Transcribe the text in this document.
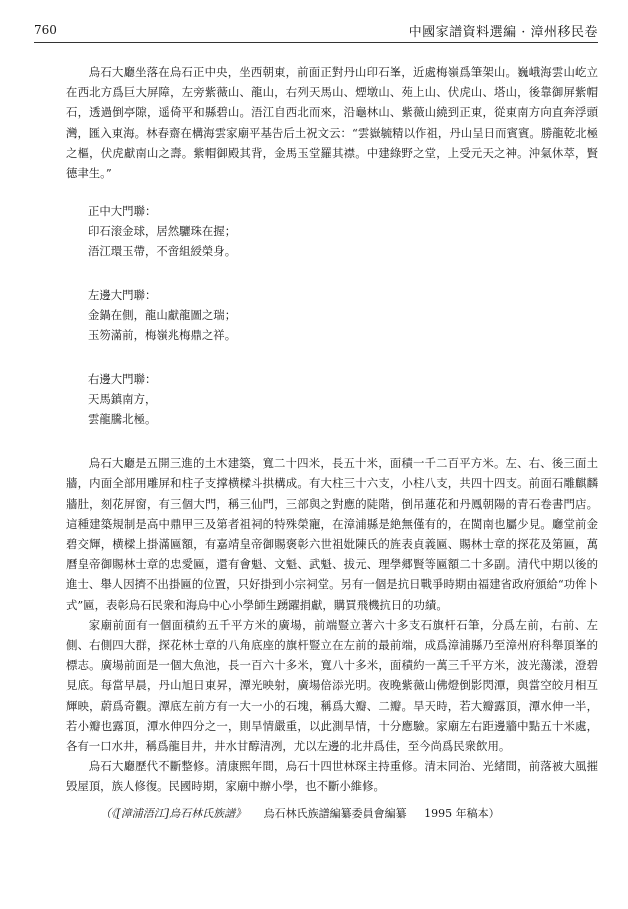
760	中國家譜資料選編 · 漳州移民卷

烏石大廳坐落在烏石正中央，坐西朝東，前面正對丹山印石峯，近處梅嶺爲筆架山。巍峨海雲山屹立在西北方爲巨大屏障，左旁紫薇山、龍山，右列天馬山、煙墩山、苑上山、伏虎山、塔山，後靠御屏紫帽石，透過倒亭隙，遥倚平和縣碧山。浯江自西北而來，沿龜林山、紫薇山繞到正東，從東南方向直奔浮頭灣，匯入東海。林春齋在構海雲家廟平基告后土祝文云：“雲嶽毓精以作祖，丹山呈日而賓賓。勝龍乾北極之樞，伏虎獻南山之壽。紫帽御殿其背，金馬玉堂羅其襟。中建綠野之堂，上受元天之神。沖氣休萃，賢德聿生。”

正中大門聯：
印石滚金球，居然驪珠在握；
浯江環玉帶，不啻組綬榮身。
左邊大門聯：
金鍋在側，龍山獻龍圖之瑞；
玉笏滿前，梅嶺兆梅鼎之祥。
右邊大門聯：
天馬鎮南方，
雲龍騰北極。

烏石大廳是五開三進的土木建築，寬二十四米，長五十米，面積一千二百平方米。左、右、後三面土牆，内面全部用雕屏和柱子支撑横樑斗拱構成。有大柱三十六支，小柱八支，共四十四支。前面石雕麒麟牆肚，刻花屏窗，有三個大門，稱三仙門，三部與之對應的陡階，倒吊蓮花和丹鳳朝陽的青石卷書門店。這種建築規制是高中鼎甲三及第者祖祠的特殊榮寵，在漳浦縣是絶無僅有的，在閩南也屬少見。廳堂前金碧交輝，横樑上掛滿匾額，有嘉靖皇帝御賜褒彰六世祖妣陳氏的旌表貞義匾、賜林士章的探花及第匾，萬曆皇帝御賜林士章的忠愛匾，還有會魁、文魁、武魁、拔元、理學郷賢等匾額二十多副。清代中期以後的進士、舉人因擠不出掛匾的位置，只好掛到小宗祠堂。另有一個是抗日戰爭時期由福建省政府頒給“功侔卜式”匾，表彰烏石民衆和海烏中心小學師生踴躍捐獻，購買飛機抗日的功績。

家廟前面有一個面積約五千平方米的廣場，前端豎立著六十多支石旗杆石筆，分爲左前，右前、左側、右側四大群，探花林士章的八角底座的旗杆豎立在左前的最前端，成爲漳浦縣乃至漳州府科舉頂峯的標志。廣場前面是一個大魚池，長一百六十多米，寬八十多米，面積約一萬三千平方米，波光蕩漾，澄碧見底。每當早晨，丹山旭日東昇，潭光映射，廣場倍添光明。夜晚紫薇山佛燈倒影閃潭，與當空皎月相互輝映，蔚爲奇觀。潭底左前方有一大一小的石塊，稱爲大瓣、二瓣。旱天時，若大瓣露頂，潭水伸一半，若小瓣也露頂，潭水伸四分之一，則旱情嚴重，以此測旱情，十分應驗。家廟左右距邊牆中點五十米處，各有一口水井，稱爲龍目井，井水甘醇清冽，尤以左邊的北井爲佳，至今尚爲民衆飲用。

烏石大廳歷代不斷整修。清康熙年間，烏石十四世林琛主持重修。清末同治、光緒間，前落被大風摧毁屋頂，族人修復。民國時期，家廟中辦小學，也不斷小維修。

（《[漳浦浯江]烏石林氏族譜》 烏石林氏族譜編纂委員會編纂 1995 年稿本）
